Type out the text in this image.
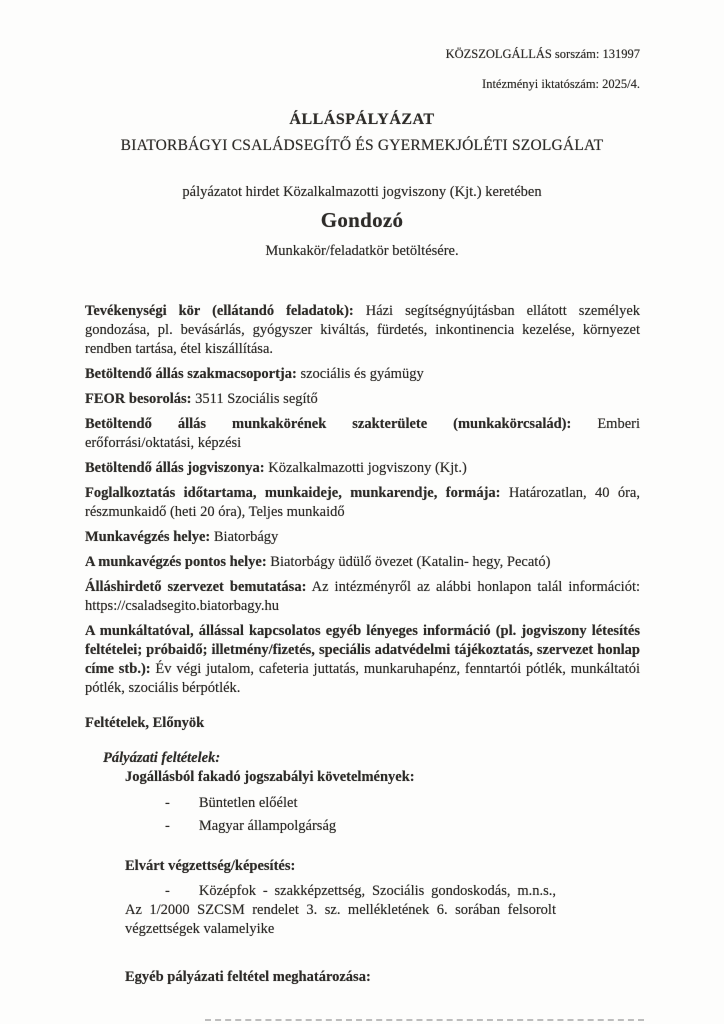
KÖZSZOLGÁLLÁS sorszám: 131997

Intézményi iktatószám: 2025/4.

ÁLLÁSPÁLYÁZAT

BIATORBÁGYI CSALÁDSEGÍTŐ ÉS GYERMEKJÓLÉTI SZOLGÁLAT

pályázatot hirdet Közalkalmazotti jogviszony (Kjt.) keretében

Gondozó

Munkakör/feladatkör betöltésére.

Tevékenységi kör (ellátandó feladatok): Házi segítségnyújtásban ellátott személyek gondozása, pl. bevásárlás, gyógyszer kiváltás, fürdetés, inkontinencia kezelése, környezet rendben tartása, étel kiszállítása.

Betöltendő állás szakmacsoportja: szociális és gyámügy

FEOR besorolás: 3511 Szociális segítő

Betöltendő állás munkakörének szakterülete (munkakörcsalád): Emberi erőforrási/oktatási, képzési

Betöltendő állás jogviszonya: Közalkalmazotti jogviszony (Kjt.)

Foglalkoztatás időtartama, munkaideje, munkarendje, formája: Határozatlan, 40 óra, részmunkaidő (heti 20 óra), Teljes munkaidő

Munkavégzés helye: Biatorbágy

A munkavégzés pontos helye: Biatorbágy üdülő övezet (Katalin- hegy, Pecató)

Álláshirdető szervezet bemutatása: Az intézményről az alábbi honlapon talál információt: https://csaladsegito.biatorbagy.hu

A munkáltatóval, állással kapcsolatos egyéb lényeges információ (pl. jogviszony létesítés feltételei; próbaidő; illetmény/fizetés, speciális adatvédelmi tájékoztatás, szervezet honlap címe stb.): Év végi jutalom, cafeteria juttatás, munkaruhapénz, fenntartói pótlék, munkáltatói pótlék, szociális bérpótlék.

Feltételek, Előnyök

Pályázati feltételek:

Jogállásból fakadó jogszabályi követelmények:

- Büntetlen előélet

- Magyar állampolgárság

Elvárt végzettség/képesítés:

- Középfok - szakképzettség, Szociális gondoskodás, m.n.s., Az 1/2000 SZCSM rendelet 3. sz. mellékletének 6. sorában felsorolt végzettségek valamelyike

Egyéb pályázati feltétel meghatározása:
